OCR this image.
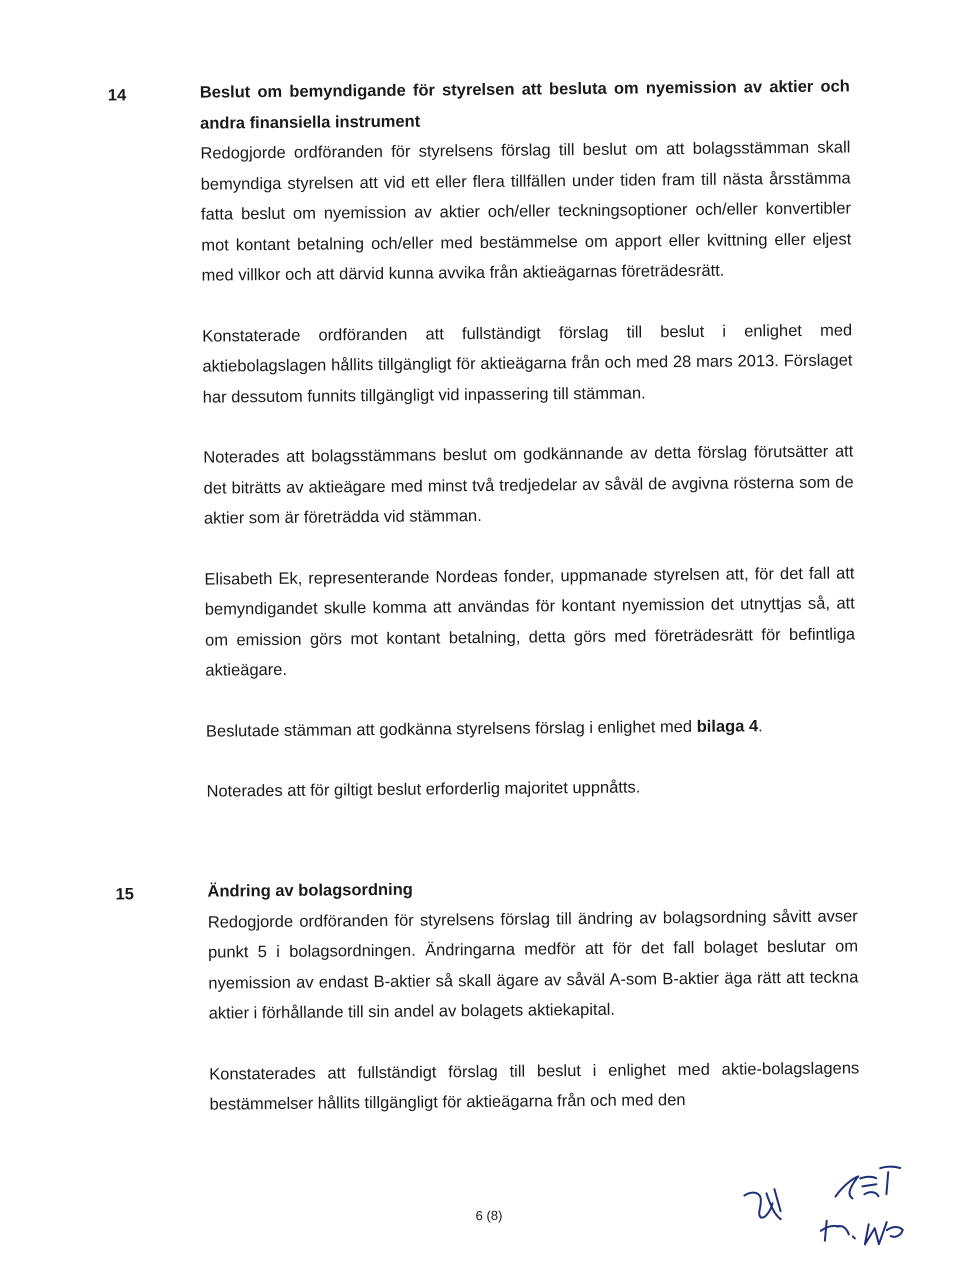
14	Beslut om bemyndigande för styrelsen att besluta om nyemission av aktier och andra finansiella instrument

Redogjorde ordföranden för styrelsens förslag till beslut om att bolagsstämman skall bemyndiga styrelsen att vid ett eller flera tillfällen under tiden fram till nästa årsstämma fatta beslut om nyemission av aktier och/eller teckningsoptioner och/eller konvertibler mot kontant betalning och/eller med bestämmelse om apport eller kvittning eller eljest med villkor och att därvid kunna avvika från aktieägarnas företrädesrätt.

Konstaterade ordföranden att fullständigt förslag till beslut i enlighet med aktiebolagslagen hållits tillgängligt för aktieägarna från och med 28 mars 2013. Förslaget har dessutom funnits tillgängligt vid inpassering till stämman.

Noterades att bolagsstämmans beslut om godkännande av detta förslag förutsätter att det biträtts av aktieägare med minst två tredjedelar av såväl de avgivna rösterna som de aktier som är företrädda vid stämman.

Elisabeth Ek, representerande Nordeas fonder, uppmanade styrelsen att, för det fall att bemyndigandet skulle komma att användas för kontant nyemission det utnyttjas så, att om emission görs mot kontant betalning, detta görs med företrädesrätt för befintliga aktieägare.

Beslutade stämman att godkänna styrelsens förslag i enlighet med bilaga 4.

Noterades att för giltigt beslut erforderlig majoritet uppnåtts.

15	Ändring av bolagsordning

Redogjorde ordföranden för styrelsens förslag till ändring av bolagsordning såvitt avser punkt 5 i bolagsordningen. Ändringarna medför att för det fall bolaget beslutar om nyemission av endast B-aktier så skall ägare av såväl A-som B-aktier äga rätt att teckna aktier i förhållande till sin andel av bolagets aktiekapital.

Konstaterades att fullständigt förslag till beslut i enlighet med aktie-bolagslagens bestämmelser hållits tillgängligt för aktieägarna från och med den

6 (8)
